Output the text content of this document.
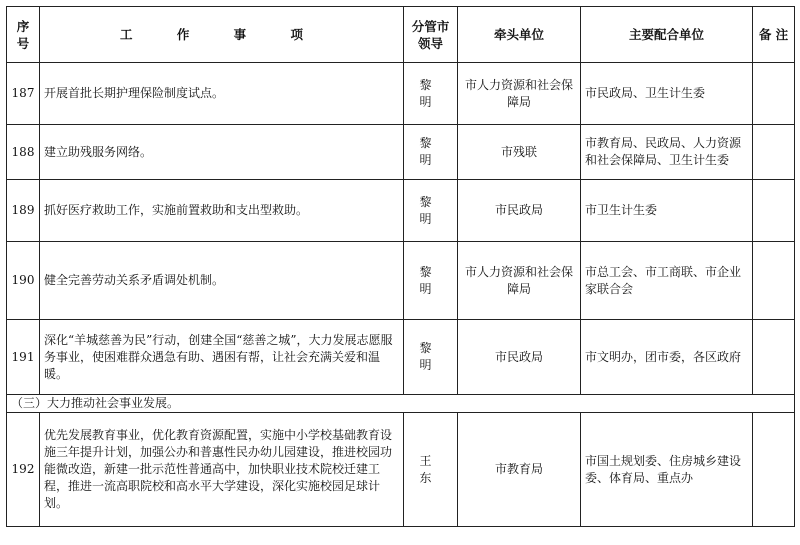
序号	工 作 事 项	分管市领导	牵头单位	主要配合单位	备 注
187	开展首批长期护理保险制度试点。	黎 明	市人力资源和社会保障局	市民政局、卫生计生委	
188	建立助残服务网络。	黎 明	市残联	市教育局、民政局、人力资源和社会保障局、卫生计生委	
189	抓好医疗救助工作，实施前置救助和支出型救助。	黎 明	市民政局	市卫生计生委	
190	健全完善劳动关系矛盾调处机制。	黎 明	市人力资源和社会保障局	市总工会、市工商联、市企业家联合会	
191	深化“羊城慈善为民”行动，创建全国“慈善之城”，大力发展志愿服务事业，使困难群众遇急有助、遇困有帮，让社会充满关爱和温暖。	黎 明	市民政局	市文明办，团市委，各区政府	
（三）大力推动社会事业发展。					
192	优先发展教育事业，优化教育资源配置，实施中小学校基础教育设施三年提升计划，加强公办和普惠性民办幼儿园建设，推进校园功能微改造，新建一批示范性普通高中，加快职业技术院校迁建工程，推进一流高职院校和高水平大学建设，深化实施校园足球计划。	王 东	市教育局	市国土规划委、住房城乡建设委、体育局、重点办	
